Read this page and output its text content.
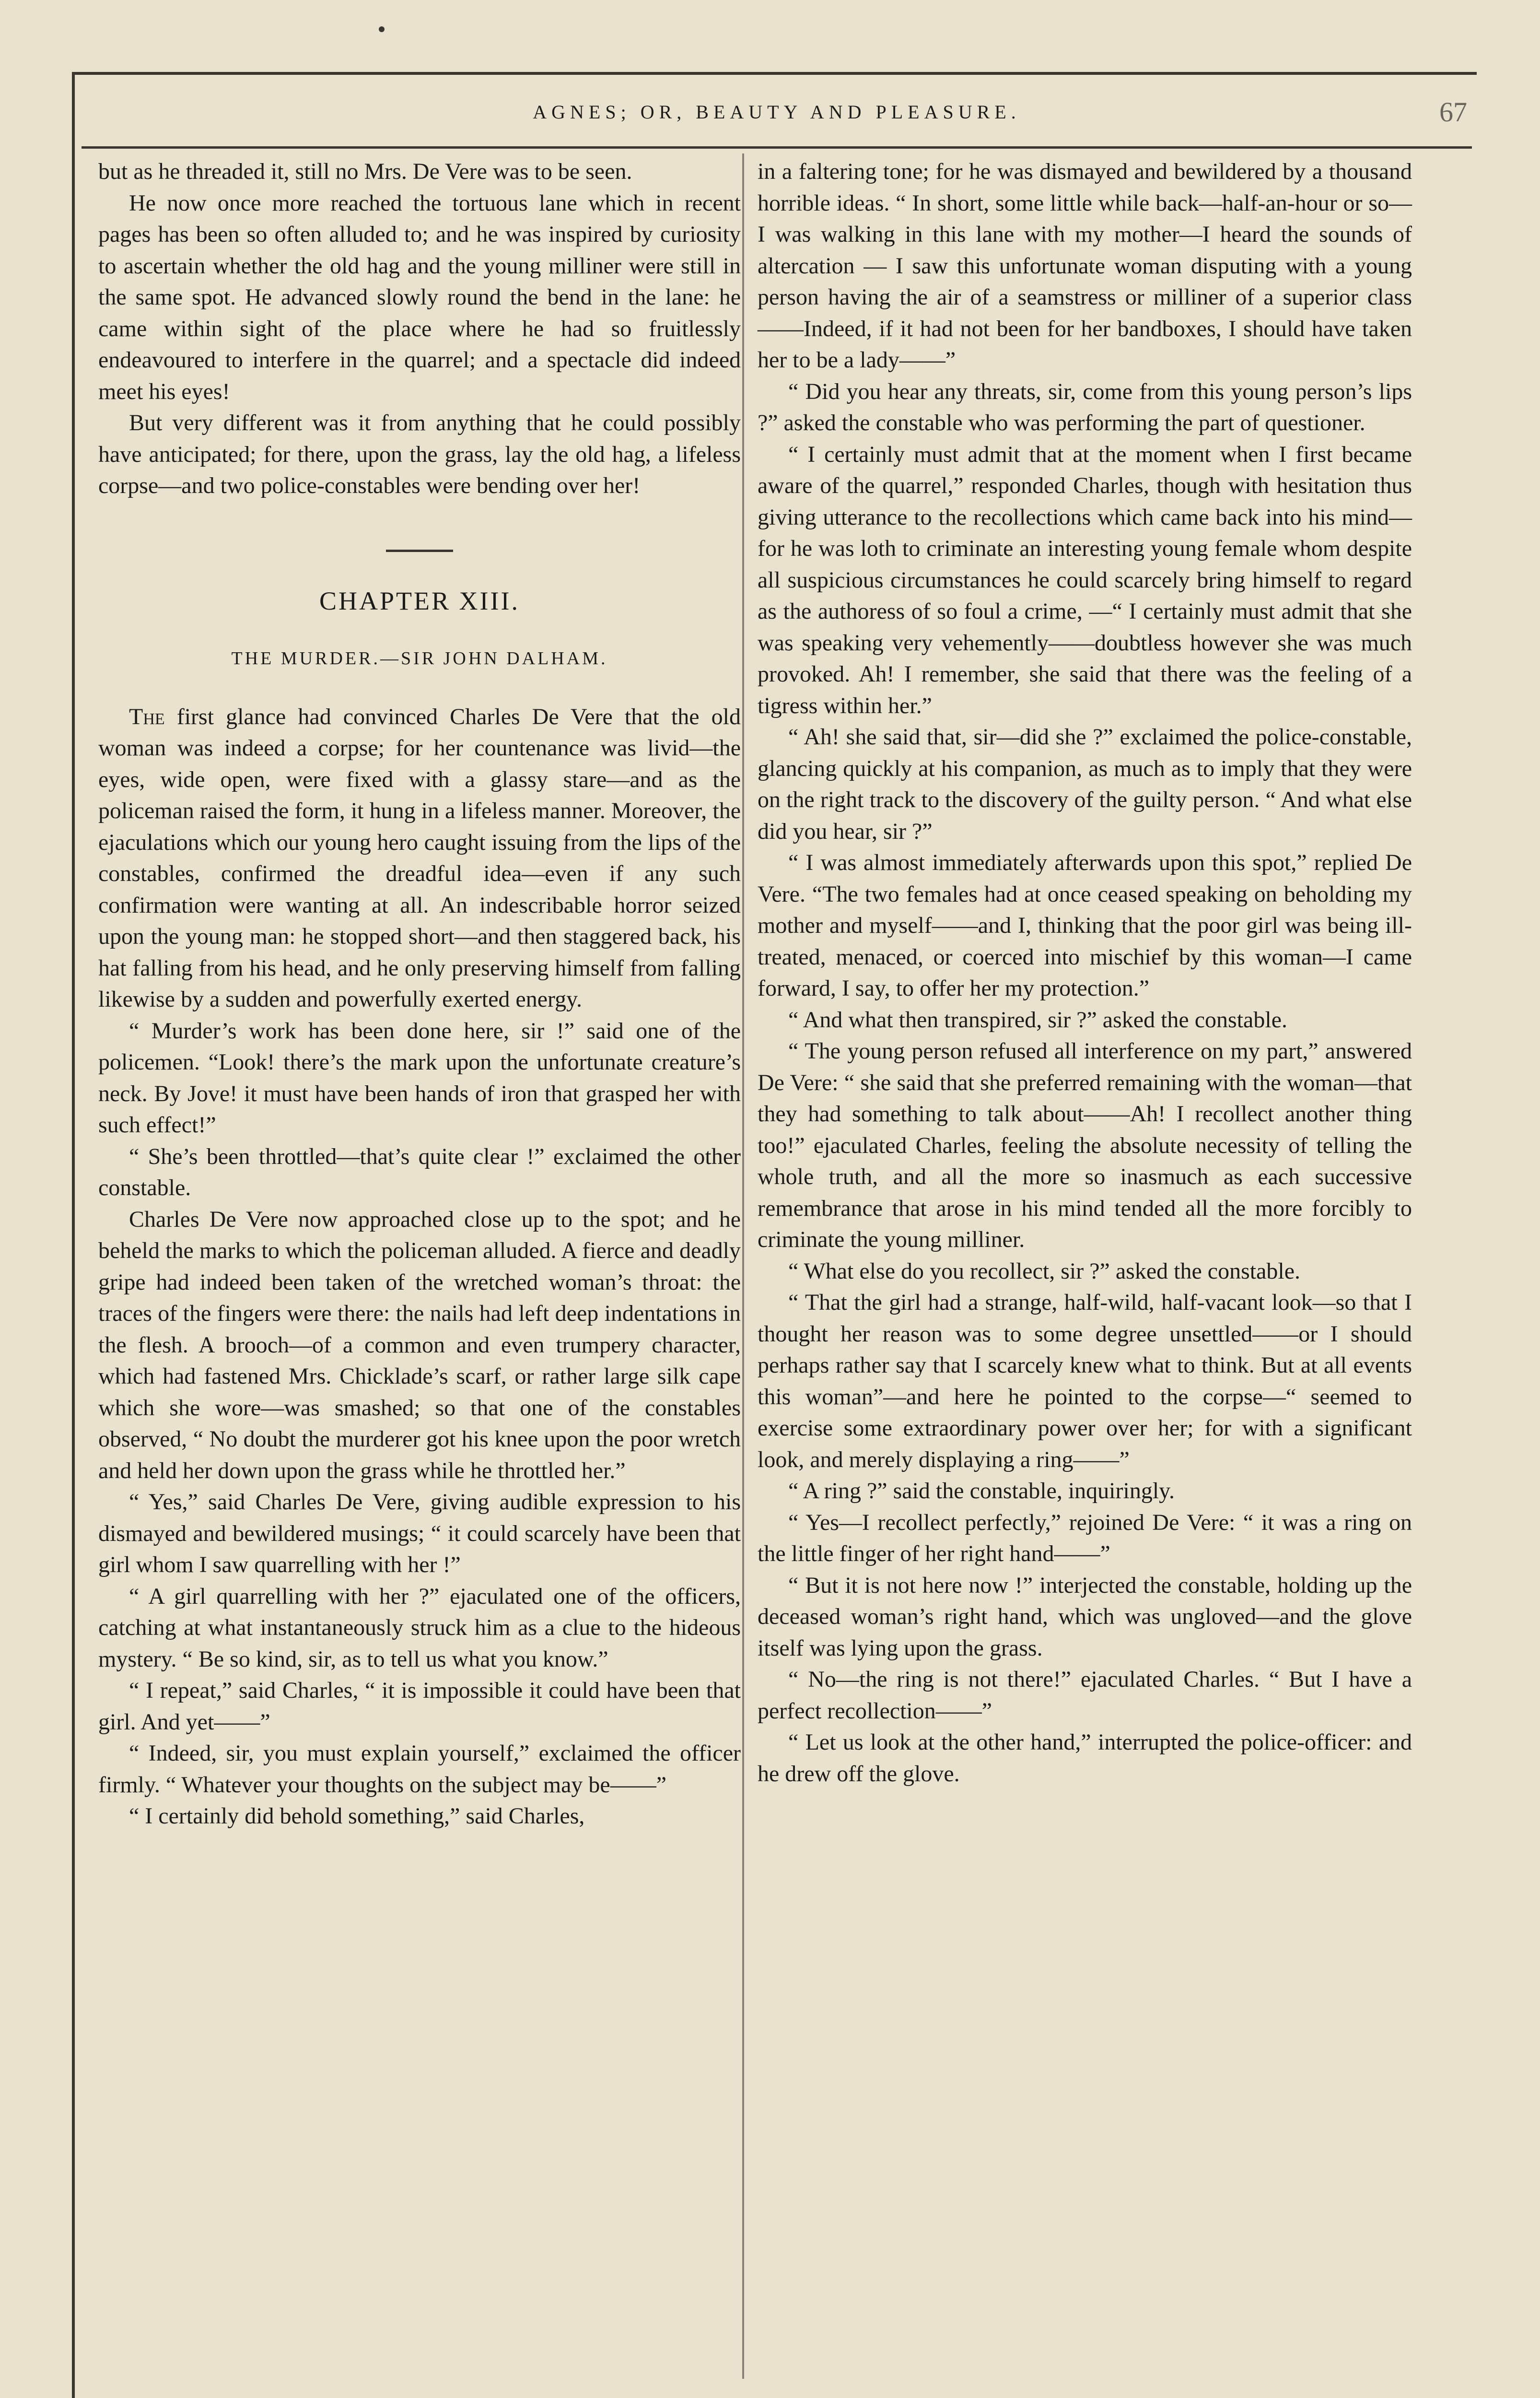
AGNES; OR, BEAUTY AND PLEASURE.	67

but as he threaded it, still no Mrs. De Vere was to be seen.

He now once more reached the tortuous lane which in recent pages has been so often alluded to; and he was inspired by curiosity to ascertain whether the old hag and the young milliner were still in the same spot. He advanced slowly round the bend in the lane: he came within sight of the place where he had so fruitlessly endeavoured to interfere in the quarrel; and a spectacle did indeed meet his eyes!

But very different was it from anything that he could possibly have anticipated; for there, upon the grass, lay the old hag, a lifeless corpse—and two police-constables were bending over her!

CHAPTER XIII.
THE MURDER.—SIR JOHN DALHAM.

The first glance had convinced Charles De Vere that the old woman was indeed a corpse; for her countenance was livid—the eyes, wide open, were fixed with a glassy stare—and as the policeman raised the form, it hung in a lifeless manner. Moreover, the ejaculations which our young hero caught issuing from the lips of the constables, confirmed the dreadful idea—even if any such confirmation were wanting at all. An indescribable horror seized upon the young man: he stopped short—and then staggered back, his hat falling from his head, and he only preserving himself from falling likewise by a sudden and powerfully exerted energy.

“ Murder’s work has been done here, sir !” said one of the policemen. “Look! there’s the mark upon the unfortunate creature’s neck. By Jove! it must have been hands of iron that grasped her with such effect!”

“ She’s been throttled—that’s quite clear !” exclaimed the other constable.

Charles De Vere now approached close up to the spot; and he beheld the marks to which the policeman alluded. A fierce and deadly gripe had indeed been taken of the wretched woman’s throat: the traces of the fingers were there: the nails had left deep indentations in the flesh. A brooch—of a common and even trumpery character, which had fastened Mrs. Chicklade’s scarf, or rather large silk cape which she wore—was smashed; so that one of the constables observed, “ No doubt the murderer got his knee upon the poor wretch and held her down upon the grass while he throttled her.”

“ Yes,” said Charles De Vere, giving audible expression to his dismayed and bewildered musings; “ it could scarcely have been that girl whom I saw quarrelling with her !”

“ A girl quarrelling with her ?” ejaculated one of the officers, catching at what instantaneously struck him as a clue to the hideous mystery. “ Be so kind, sir, as to tell us what you know.”

“ I repeat,” said Charles, “ it is impossible it could have been that girl. And yet——”

“ Indeed, sir, you must explain yourself,” exclaimed the officer firmly. “ Whatever your thoughts on the subject may be——”

“ I certainly did behold something,” said Charles,

in a faltering tone; for he was dismayed and bewildered by a thousand horrible ideas. “ In short, some little while back—half-an-hour or so—I was walking in this lane with my mother—I heard the sounds of altercation — I saw this unfortunate woman disputing with a young person having the air of a seamstress or milliner of a superior class ——Indeed, if it had not been for her bandboxes, I should have taken her to be a lady——”

“ Did you hear any threats, sir, come from this young person’s lips ?” asked the constable who was performing the part of questioner.

“ I certainly must admit that at the moment when I first became aware of the quarrel,” responded Charles, though with hesitation thus giving utterance to the recollections which came back into his mind—for he was loth to criminate an interesting young female whom despite all suspicious circumstances he could scarcely bring himself to regard as the authoress of so foul a crime, —“ I certainly must admit that she was speaking very vehemently——doubtless however she was much provoked. Ah! I remember, she said that there was the feeling of a tigress within her.”

“ Ah! she said that, sir—did she ?” exclaimed the police-constable, glancing quickly at his companion, as much as to imply that they were on the right track to the discovery of the guilty person. “ And what else did you hear, sir ?”

“ I was almost immediately afterwards upon this spot,” replied De Vere. “The two females had at once ceased speaking on beholding my mother and myself——and I, thinking that the poor girl was being ill-treated, menaced, or coerced into mischief by this woman—I came forward, I say, to offer her my protection.”

“ And what then transpired, sir ?” asked the constable.

“ The young person refused all interference on my part,” answered De Vere: “ she said that she preferred remaining with the woman—that they had something to talk about——Ah! I recollect another thing too!” ejaculated Charles, feeling the absolute necessity of telling the whole truth, and all the more so inasmuch as each successive remembrance that arose in his mind tended all the more forcibly to criminate the young milliner.

“ What else do you recollect, sir ?” asked the constable.

“ That the girl had a strange, half-wild, half-vacant look—so that I thought her reason was to some degree unsettled——or I should perhaps rather say that I scarcely knew what to think. But at all events this woman”—and here he pointed to the corpse—“ seemed to exercise some extraordinary power over her; for with a significant look, and merely displaying a ring——”

“ A ring ?” said the constable, inquiringly.

“ Yes—I recollect perfectly,” rejoined De Vere: “ it was a ring on the little finger of her right hand——”

“ But it is not here now !” interjected the constable, holding up the deceased woman’s right hand, which was ungloved—and the glove itself was lying upon the grass.

“ No—the ring is not there!” ejaculated Charles. “ But I have a perfect recollection——”

“ Let us look at the other hand,” interrupted the police-officer: and he drew off the glove.
